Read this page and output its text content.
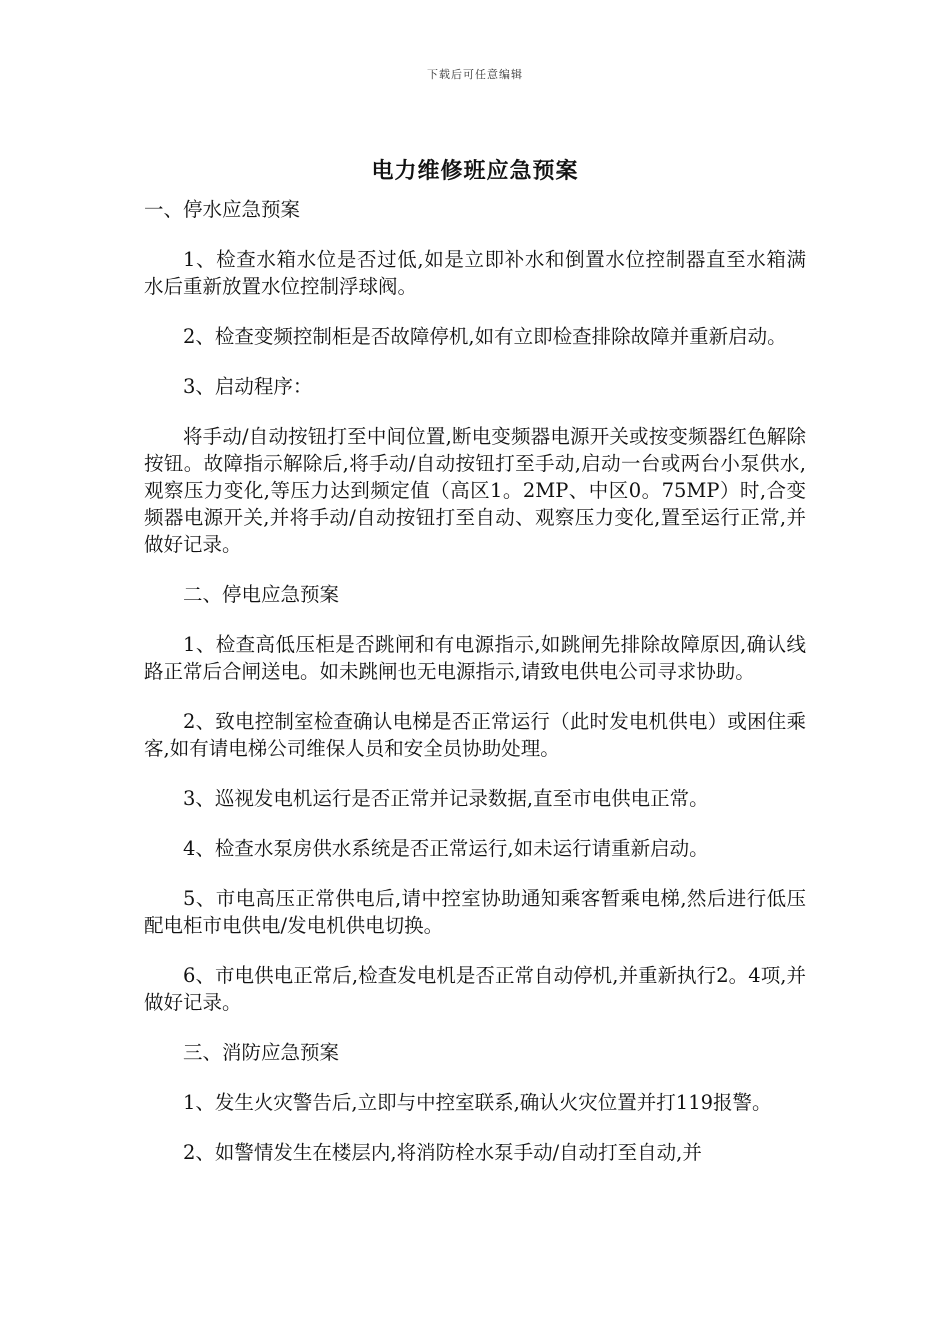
下载后可任意编辑
电力维修班应急预案

一、停水应急预案

1、检查水箱水位是否过低,如是立即补水和倒置水位控制器直至水箱满水后重新放置水位控制浮球阀。

2、检查变频控制柜是否故障停机,如有立即检查排除故障并重新启动。

3、启动程序：

将手动/自动按钮打至中间位置,断电变频器电源开关或按变频器红色解除按钮。故障指示解除后,将手动/自动按钮打至手动,启动一台或两台小泵供水,观察压力变化,等压力达到频定值（高区1。2MP、中区0。75MP）时,合变频器电源开关,并将手动/自动按钮打至自动、观察压力变化,置至运行正常,并做好记录。

二、停电应急预案

1、检查高低压柜是否跳闸和有电源指示,如跳闸先排除故障原因,确认线路正常后合闸送电。如未跳闸也无电源指示,请致电供电公司寻求协助。

2、致电控制室检查确认电梯是否正常运行（此时发电机供电）或困住乘客,如有请电梯公司维保人员和安全员协助处理。

3、巡视发电机运行是否正常并记录数据,直至市电供电正常。

4、检查水泵房供水系统是否正常运行,如未运行请重新启动。

5、市电高压正常供电后,请中控室协助通知乘客暂乘电梯,然后进行低压配电柜市电供电/发电机供电切换。

6、市电供电正常后,检查发电机是否正常自动停机,并重新执行2。4项,并做好记录。

三、消防应急预案

1、发生火灾警告后,立即与中控室联系,确认火灾位置并打119报警。

2、如警情发生在楼层内,将消防栓水泵手动/自动打至自动,并
